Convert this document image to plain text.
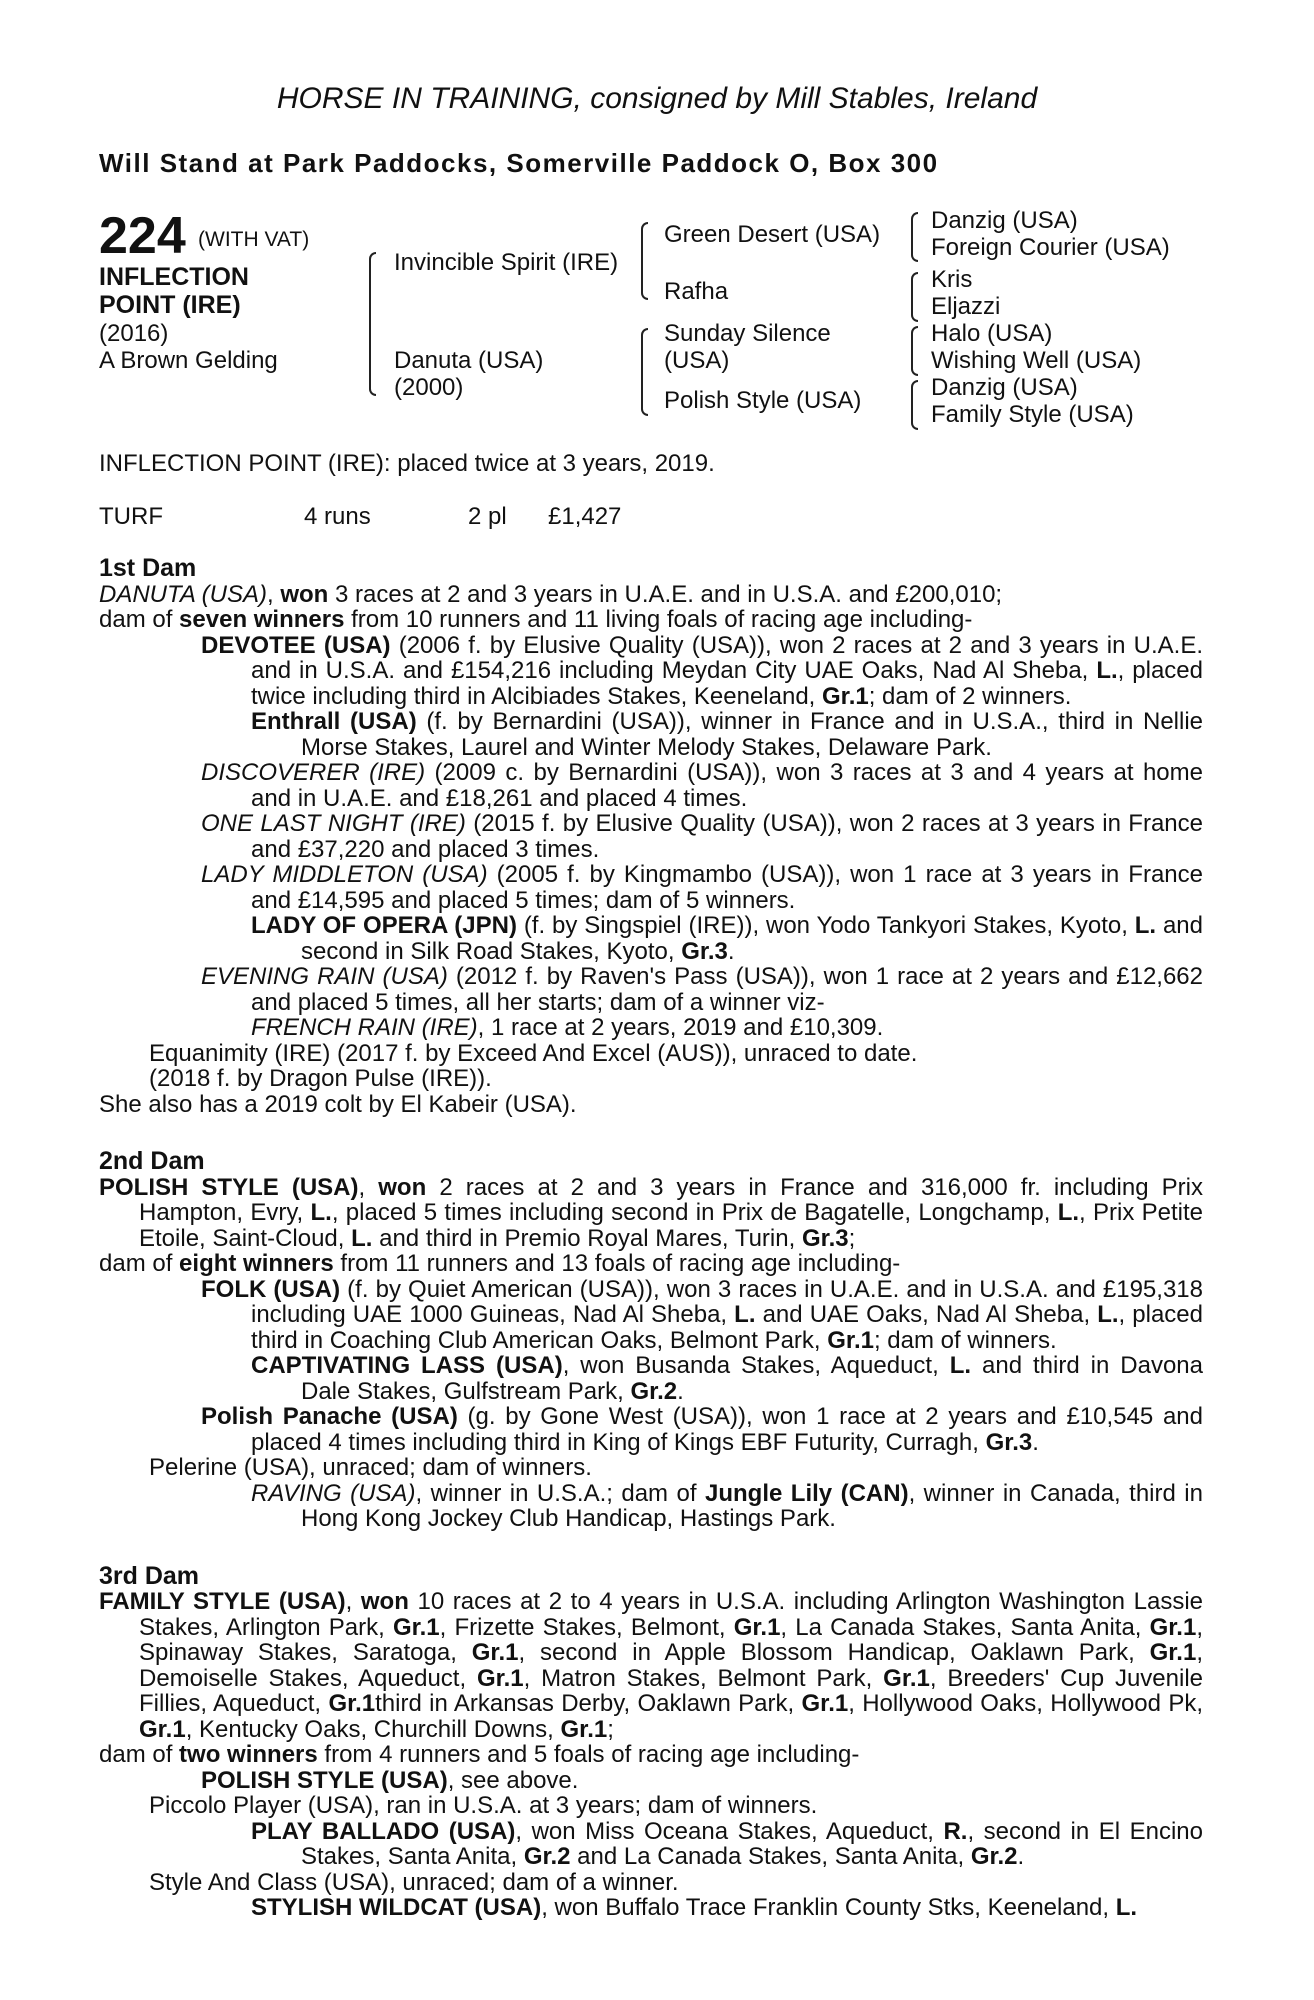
HORSE IN TRAINING, consigned by Mill Stables, Ireland
Will Stand at Park Paddocks, Somerville Paddock O, Box 300
224 (WITH VAT)
INFLECTION
POINT (IRE)
(2016)
A Brown Gelding
Invincible Spirit (IRE)
Danuta (USA)
(2000)
Green Desert (USA)
Rafha
Sunday Silence
(USA)
Polish Style (USA)
Danzig (USA)
Foreign Courier (USA)
Kris
Eljazzi
Halo (USA)
Wishing Well (USA)
Danzig (USA)
Family Style (USA)
INFLECTION POINT (IRE): placed twice at 3 years, 2019.
TURF	4 runs	2 pl £1,427

1st Dam

DANUTA (USA), won 3 races at 2 and 3 years in U.A.E. and in U.S.A. and £200,010;

dam of seven winners from 10 runners and 11 living foals of racing age including-

DEVOTEE (USA) (2006 f. by Elusive Quality (USA)), won 2 races at 2 and 3 years in U.A.E. and in U.S.A. and £154,216 including Meydan City UAE Oaks, Nad Al Sheba, L., placed twice including third in Alcibiades Stakes, Keeneland, Gr.1; dam of 2 winners.

Enthrall (USA) (f. by Bernardini (USA)), winner in France and in U.S.A., third in Nellie Morse Stakes, Laurel and Winter Melody Stakes, Delaware Park.

DISCOVERER (IRE) (2009 c. by Bernardini (USA)), won 3 races at 3 and 4 years at home and in U.A.E. and £18,261 and placed 4 times.

ONE LAST NIGHT (IRE) (2015 f. by Elusive Quality (USA)), won 2 races at 3 years in France and £37,220 and placed 3 times.

LADY MIDDLETON (USA) (2005 f. by Kingmambo (USA)), won 1 race at 3 years in France and £14,595 and placed 5 times; dam of 5 winners.

LADY OF OPERA (JPN) (f. by Singspiel (IRE)), won Yodo Tankyori Stakes, Kyoto, L. and second in Silk Road Stakes, Kyoto, Gr.3.

EVENING RAIN (USA) (2012 f. by Raven's Pass (USA)), won 1 race at 2 years and £12,662 and placed 5 times, all her starts; dam of a winner viz-

FRENCH RAIN (IRE), 1 race at 2 years, 2019 and £10,309.

Equanimity (IRE) (2017 f. by Exceed And Excel (AUS)), unraced to date.

(2018 f. by Dragon Pulse (IRE)).

She also has a 2019 colt by El Kabeir (USA).

2nd Dam

POLISH STYLE (USA), won 2 races at 2 and 3 years in France and 316,000 fr. including Prix Hampton, Evry, L., placed 5 times including second in Prix de Bagatelle, Longchamp, L., Prix Petite Etoile, Saint-Cloud, L. and third in Premio Royal Mares, Turin, Gr.3;

dam of eight winners from 11 runners and 13 foals of racing age including-

FOLK (USA) (f. by Quiet American (USA)), won 3 races in U.A.E. and in U.S.A. and £195,318 including UAE 1000 Guineas, Nad Al Sheba, L. and UAE Oaks, Nad Al Sheba, L., placed third in Coaching Club American Oaks, Belmont Park, Gr.1; dam of winners.

CAPTIVATING LASS (USA), won Busanda Stakes, Aqueduct, L. and third in Davona Dale Stakes, Gulfstream Park, Gr.2.

Polish Panache (USA) (g. by Gone West (USA)), won 1 race at 2 years and £10,545 and placed 4 times including third in King of Kings EBF Futurity, Curragh, Gr.3.

Pelerine (USA), unraced; dam of winners.

RAVING (USA), winner in U.S.A.; dam of Jungle Lily (CAN), winner in Canada, third in Hong Kong Jockey Club Handicap, Hastings Park.

3rd Dam

FAMILY STYLE (USA), won 10 races at 2 to 4 years in U.S.A. including Arlington Washington Lassie Stakes, Arlington Park, Gr.1, Frizette Stakes, Belmont, Gr.1, La Canada Stakes, Santa Anita, Gr.1, Spinaway Stakes, Saratoga, Gr.1, second in Apple Blossom Handicap, Oaklawn Park, Gr.1, Demoiselle Stakes, Aqueduct, Gr.1, Matron Stakes, Belmont Park, Gr.1, Breeders' Cup Juvenile Fillies, Aqueduct, Gr.1third in Arkansas Derby, Oaklawn Park, Gr.1, Hollywood Oaks, Hollywood Pk, Gr.1, Kentucky Oaks, Churchill Downs, Gr.1;

dam of two winners from 4 runners and 5 foals of racing age including-

POLISH STYLE (USA), see above.

Piccolo Player (USA), ran in U.S.A. at 3 years; dam of winners.

PLAY BALLADO (USA), won Miss Oceana Stakes, Aqueduct, R., second in El Encino Stakes, Santa Anita, Gr.2 and La Canada Stakes, Santa Anita, Gr.2.

Style And Class (USA), unraced; dam of a winner.

STYLISH WILDCAT (USA), won Buffalo Trace Franklin County Stks, Keeneland, L.
